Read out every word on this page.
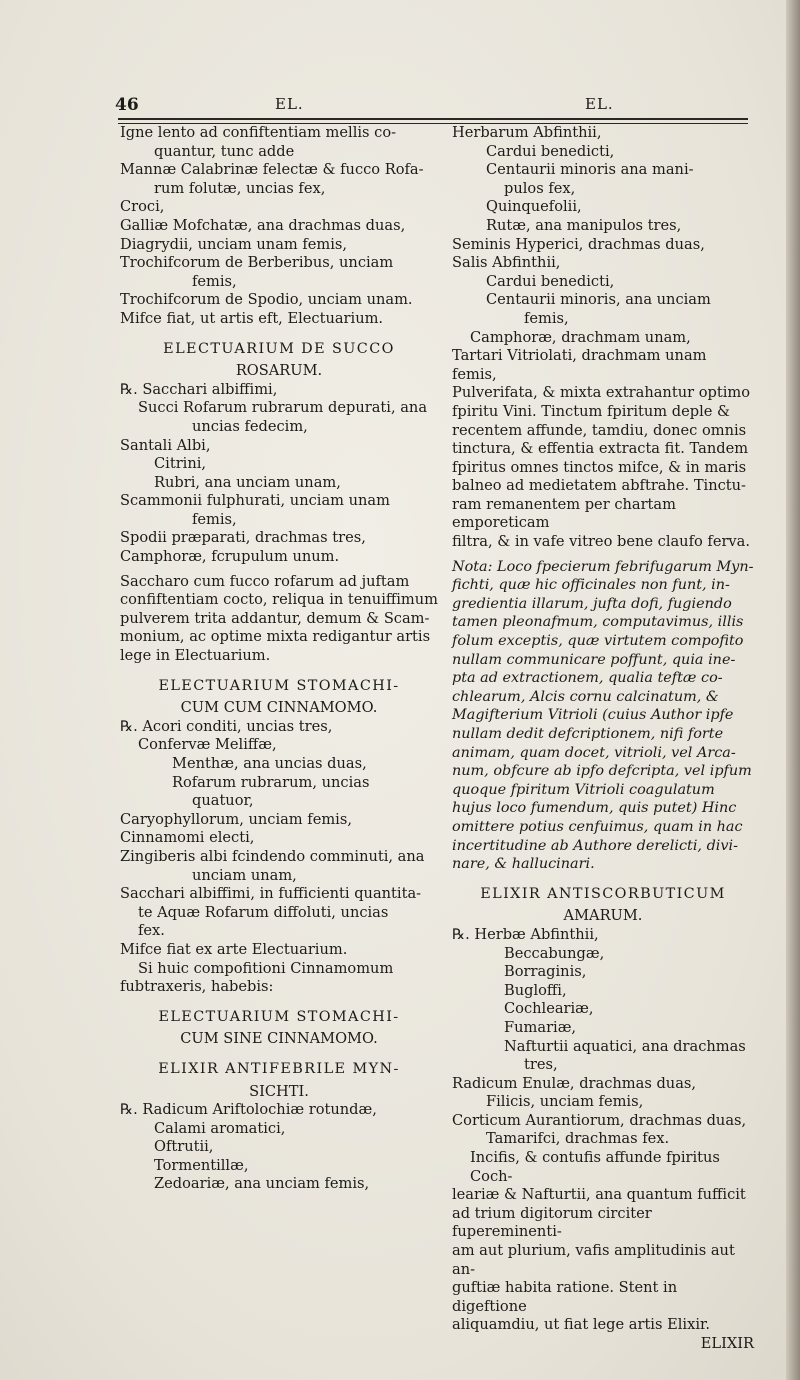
46	EL.	EL.

Igne lento ad confiftentiam mellis co-

quantur, tunc adde

Mannæ Calabrinæ felectæ & fucco Rofa-

rum folutæ, uncias fex,

Croci,

Galliæ Mofchatæ, ana drachmas duas,

Diagrydii, unciam unam femis,

Trochifcorum de Berberibus, unciam

femis,

Trochifcorum de Spodio, unciam unam.

Mifce fiat, ut artis eft, Electuarium.

ELECTUARIUM DE SUCCO

ROSARUM.

℞. Sacchari albiffimi,

Succi Rofarum rubrarum depurati, ana

uncias fedecim,

Santali Albi,

Citrini,

Rubri, ana unciam unam,

Scammonii fulphurati, unciam unam

femis,

Spodii præparati, drachmas tres,

Camphoræ, fcrupulum unum.

Saccharo cum fucco rofarum ad juftam

confiftentiam cocto, reliqua in tenuiffimum

pulverem trita addantur, demum & Scam-

monium, ac optime mixta redigantur artis

lege in Electuarium.

ELECTUARIUM STOMACHI-

CUM CUM CINNAMOMO.

℞. Acori conditi, uncias tres,

Confervæ Meliffæ,

Menthæ, ana uncias duas,

Rofarum rubrarum, uncias

quatuor,

Caryophyllorum, unciam femis,

Cinnamomi electi,

Zingiberis albi fcindendo comminuti, ana

unciam unam,

Sacchari albiffimi, in fufficienti quantita-

te Aquæ Rofarum diffoluti, uncias

fex.

Mifce fiat ex arte Electuarium.

Si huic compofitioni Cinnamomum

fubtraxeris, habebis:

ELECTUARIUM STOMACHI-

CUM SINE CINNAMOMO.

ELIXIR ANTIFEBRILE MYN-

SICHTI.

℞. Radicum Ariftolochiæ rotundæ,

Calami aromatici,

Oftrutii,

Tormentillæ,

Zedoariæ, ana unciam femis,

Herbarum Abfinthii,

Cardui benedicti,

Centaurii minoris ana mani-

pulos fex,

Quinquefolii,

Rutæ, ana manipulos tres,

Seminis Hyperici, drachmas duas,

Salis Abfinthii,

Cardui benedicti,

Centaurii minoris, ana unciam

femis,

Camphoræ, drachmam unam,

Tartari Vitriolati, drachmam unam femis,

Pulverifata, & mixta extrahantur optimo

fpiritu Vini. Tinctum fpiritum deple &

recentem affunde, tamdiu, donec omnis

tinctura, & effentia extracta fit. Tandem

fpiritus omnes tinctos mifce, & in maris

balneo ad medietatem abftrahe. Tinctu-

ram remanentem per chartam emporeticam

filtra, & in vafe vitreo bene claufo ferva.

Nota: Loco fpecierum febrifugarum Myn-

fichti, quæ hic officinales non funt, in-

gredientia illarum, jufta dofi, fugiendo

tamen pleonafmum, computavimus, illis

folum exceptis, quæ virtutem compofito

nullam communicare poffunt, quia ine-

pta ad extractionem, qualia teftæ co-

chlearum, Alcis cornu calcinatum, &

Magifterium Vitrioli (cuius Author ipfe

nullam dedit defcriptionem, nifi forte

animam, quam docet, vitrioli, vel Arca-

num, obfcure ab ipfo defcripta, vel ipfum

quoque fpiritum Vitrioli coagulatum

hujus loco fumendum, quis putet) Hinc

omittere potius cenfuimus, quam in hac

incertitudine ab Authore derelicti, divi-

nare, & hallucinari.

ELIXIR ANTISCORBUTICUM

AMARUM.

℞. Herbæ Abfinthii,

Beccabungæ,

Borraginis,

Bugloffi,

Cochleariæ,

Fumariæ,

Nafturtii aquatici, ana drachmas

tres,

Radicum Enulæ, drachmas duas,

Filicis, unciam femis,

Corticum Aurantiorum, drachmas duas,

Tamarifci, drachmas fex.

Incifis, & contufis affunde fpiritus Coch-

leariæ & Nafturtii, ana quantum fufficit

ad trium digitorum circiter fupereminenti-

am aut plurium, vafis amplitudinis aut an-

guftiæ habita ratione. Stent in digeftione

aliquamdiu, ut fiat lege artis Elixir.

ELIXIR
